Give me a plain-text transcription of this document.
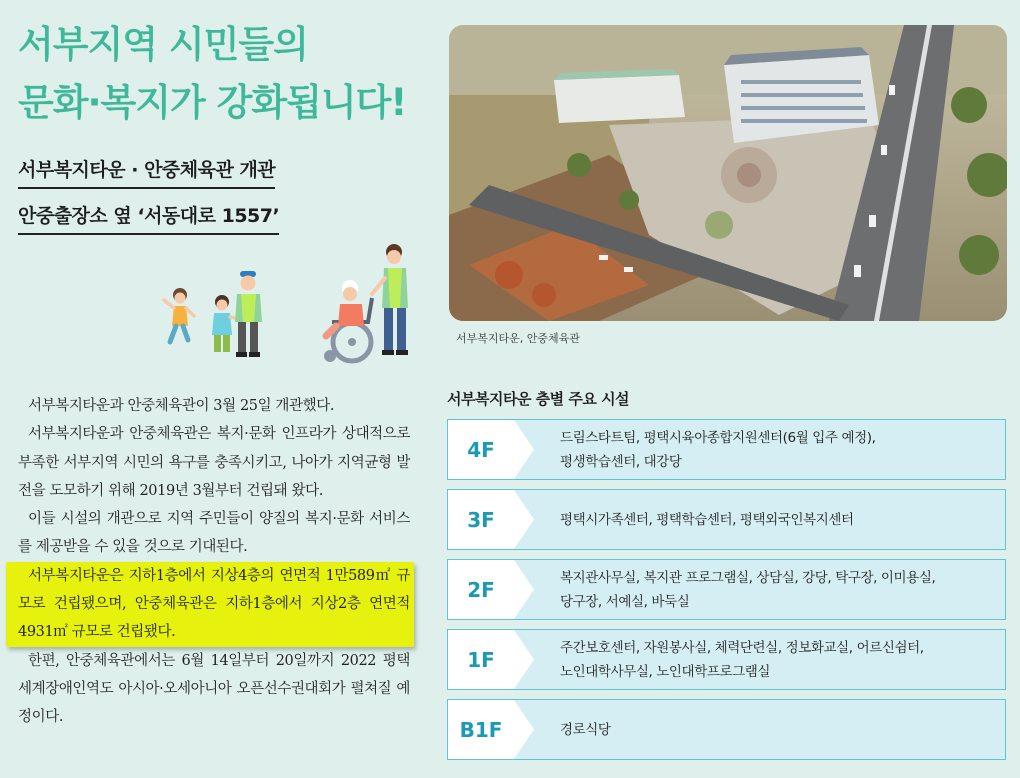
서부지역 시민들의
문화·복지가 강화됩니다!
서부복지타운 · 안중체육관 개관
안중출장소 옆 ‘서동대로 1557’

서부복지타운과 안중체육관이 3월 25일 개관했다.

서부복지타운과 안중체육관은 복지·문화 인프라가 상대적으로 부족한 서부지역 시민의 욕구를 충족시키고, 나아가 지역균형 발전을 도모하기 위해 2019년 3월부터 건립돼 왔다.

이들 시설의 개관으로 지역 주민들이 양질의 복지·문화 서비스를 제공받을 수 있을 것으로 기대된다.

서부복지타운은 지하1층에서 지상4층의 연면적 1만589㎡ 규모로 건립됐으며, 안중체육관은 지하1층에서 지상2층 연면적 4931㎡ 규모로 건립됐다.

한편, 안중체육관에서는 6월 14일부터 20일까지 2022 평택 세계장애인역도 아시아·오세아니아 오픈선수권대회가 펼쳐질 예정이다.

서부복지타운, 안중체육관
서부복지타운 층별 주요 시설
4F	드림스타트팀, 평택시육아종합지원센터(6월 입주 예정),
평생학습센터, 대강당
3F	평택시가족센터, 평택학습센터, 평택외국인복지센터
2F	복지관사무실, 복지관 프로그램실, 상담실, 강당, 탁구장, 이미용실,
당구장, 서예실, 바둑실
1F	주간보호센터, 자원봉사실, 체력단련실, 정보화교실, 어르신쉼터,
노인대학사무실, 노인대학프로그램실
B1F	경로식당
